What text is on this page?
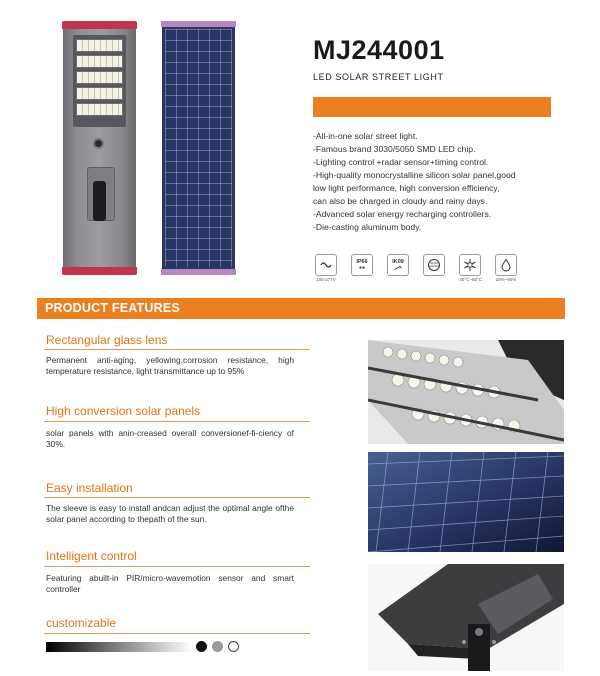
MJ244001
LED SOLAR STREET LIGHT
-All-in-one solar street light.
-Famous brand 3030/5050 SMD LED chip.
-Lighting control +radar sensor+timing control.
-High-quality monocrystalline silicon solar panel,good
low light performance, high conversion efficiency,
can also be charged in cloudy and rainy days.
-Advanced solar energy recharging controllers.
-Die-casting aluminum body.
100-277V
IP66
●●
IK09	50000 HOURS
-30°C~60°C	10%~90%
PRODUCT FEATURES
Rectangular glass lens
Permanent anti-aging, yellowing,corrosion resistance, high temperature resistance, light transmittance up to 95%
High conversion solar panels
solar panels with anin-creased overall conversionef-fi-ciency of 30%.
Easy installation
The sleeve is easy to install andcan adjust the optimal angle ofthe solar panel according to thepath of the sun.
Intelligent control
Featuring abuilt-in PIR/micro-wavemotion sensor and smart controller
customizable
